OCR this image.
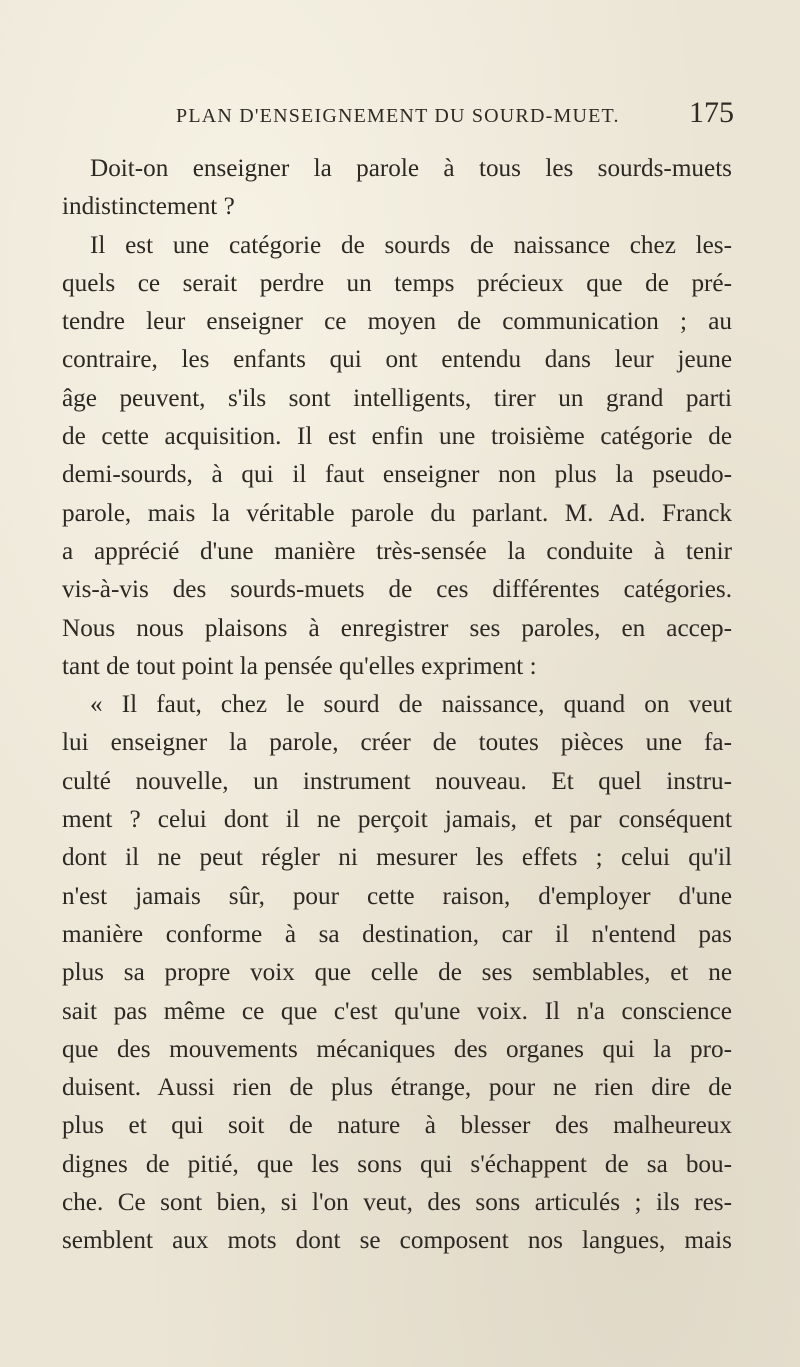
PLAN D'ENSEIGNEMENT DU SOURD-MUET. 175
Doit-on enseigner la parole à tous les sourds-muets
indistinctement ?
Il est une catégorie de sourds de naissance chez les-
quels ce serait perdre un temps précieux que de pré-
tendre leur enseigner ce moyen de communication ; au
contraire, les enfants qui ont entendu dans leur jeune
âge peuvent, s'ils sont intelligents, tirer un grand parti
de cette acquisition. Il est enfin une troisième catégorie de
demi-sourds, à qui il faut enseigner non plus la pseudo-
parole, mais la véritable parole du parlant. M. Ad. Franck
a apprécié d'une manière très-sensée la conduite à tenir
vis-à-vis des sourds-muets de ces différentes catégories.
Nous nous plaisons à enregistrer ses paroles, en accep-
tant de tout point la pensée qu'elles expriment :
« Il faut, chez le sourd de naissance, quand on veut
lui enseigner la parole, créer de toutes pièces une fa-
culté nouvelle, un instrument nouveau. Et quel instru-
ment ? celui dont il ne perçoit jamais, et par conséquent
dont il ne peut régler ni mesurer les effets ; celui qu'il
n'est jamais sûr, pour cette raison, d'employer d'une
manière conforme à sa destination, car il n'entend pas
plus sa propre voix que celle de ses semblables, et ne
sait pas même ce que c'est qu'une voix. Il n'a conscience
que des mouvements mécaniques des organes qui la pro-
duisent. Aussi rien de plus étrange, pour ne rien dire de
plus et qui soit de nature à blesser des malheureux
dignes de pitié, que les sons qui s'échappent de sa bou-
che. Ce sont bien, si l'on veut, des sons articulés ; ils res-
semblent aux mots dont se composent nos langues, mais
